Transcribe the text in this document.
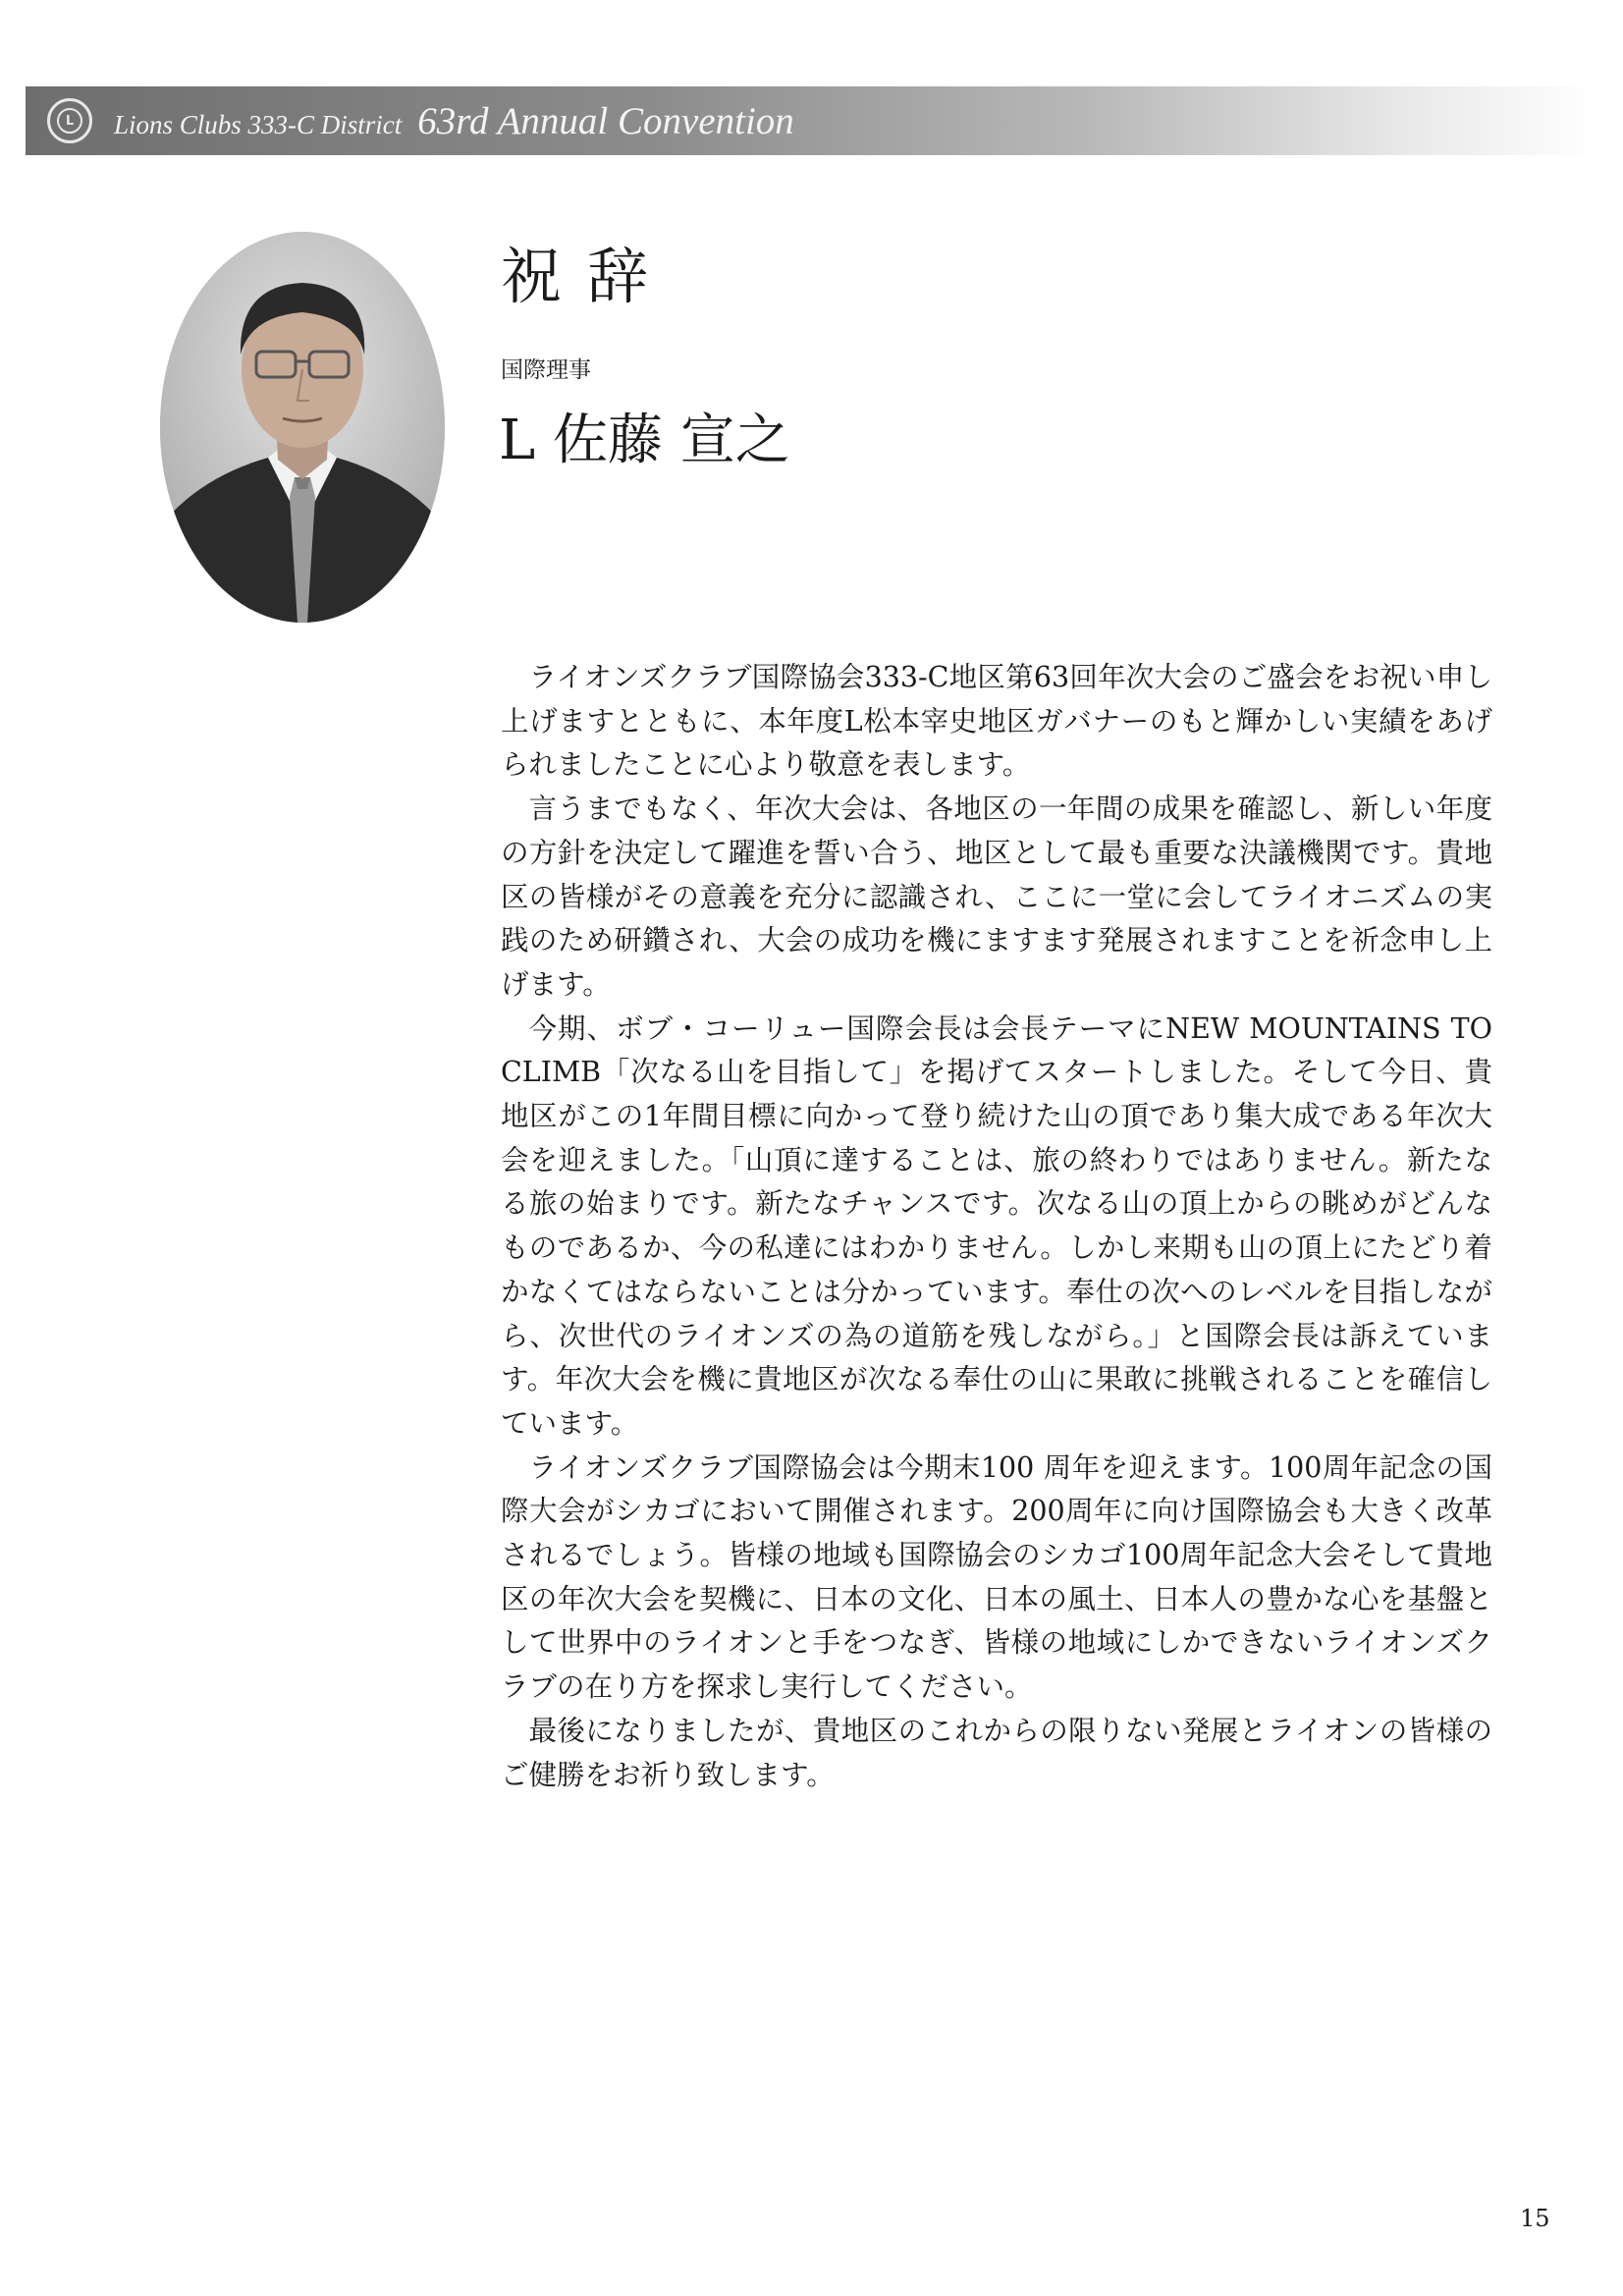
L	Lions Clubs 333-C District 63rd Annual Convention
祝辞
国際理事
L 佐藤 宣之

ライオンズクラブ国際協会333-C地区第63回年次大会のご盛会をお祝い申し上げますとともに、本年度L松本宰史地区ガバナーのもと輝かしい実績をあげられましたことに心より敬意を表します。

言うまでもなく、年次大会は、各地区の一年間の成果を確認し、新しい年度の方針を決定して躍進を誓い合う、地区として最も重要な決議機関です。貴地区の皆様がその意義を充分に認識され、ここに一堂に会してライオニズムの実践のため研鑽され、大会の成功を機にますます発展されますことを祈念申し上げます。

今期、ボブ・コーリュー国際会長は会長テーマにNEW MOUNTAINS TO CLIMB「次なる山を目指して」を掲げてスタートしました。そして今日、貴地区がこの1年間目標に向かって登り続けた山の頂であり集大成である年次大会を迎えました。「山頂に達することは、旅の終わりではありません。新たなる旅の始まりです。新たなチャンスです。次なる山の頂上からの眺めがどんなものであるか、今の私達にはわかりません。しかし来期も山の頂上にたどり着かなくてはならないことは分かっています。奉仕の次へのレベルを目指しながら、次世代のライオンズの為の道筋を残しながら。」と国際会長は訴えています。年次大会を機に貴地区が次なる奉仕の山に果敢に挑戦されることを確信しています。

ライオンズクラブ国際協会は今期末100 周年を迎えます。100周年記念の国際大会がシカゴにおいて開催されます。200周年に向け国際協会も大きく改革されるでしょう。皆様の地域も国際協会のシカゴ100周年記念大会そして貴地区の年次大会を契機に、日本の文化、日本の風土、日本人の豊かな心を基盤として世界中のライオンと手をつなぎ、皆様の地域にしかできないライオンズクラブの在り方を探求し実行してください。

最後になりましたが、貴地区のこれからの限りない発展とライオンの皆様のご健勝をお祈り致します。

15
